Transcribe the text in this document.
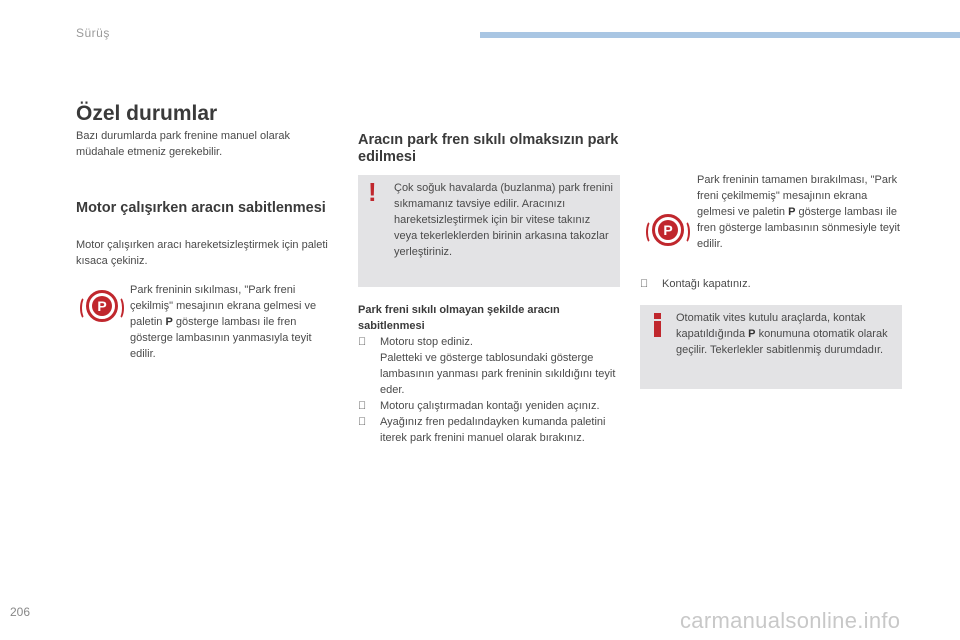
Sürüş
Özel durumlar
Bazı durumlarda park frenine manuel olarak müdahale etmeniz gerekebilir.
Motor çalışırken aracın sabitlenmesi
Motor çalışırken aracı hareketsizleştirmek için paleti kısaca çekiniz.
P
Park freninin sıkılması, "Park freni çekilmiş" mesajının ekrana gelmesi ve paletin P gösterge lambası ile fren gösterge lambasının yanmasıyla teyit edilir.
Aracın park fren sıkılı olmaksızın park edilmesi
! Çok soğuk havalarda (buzlanma) park frenini sıkmamanız tavsiye edilir. Aracınızı hareketsizleştirmek için bir vitese takınız veya tekerleklerden birinin arkasına takozlar yerleştiriniz.
Park freni sıkılı olmayan şekilde aracın sabitlenmesi
Motoru stop ediniz.
Paletteki ve gösterge tablosundaki gösterge lambasının yanması park freninin sıkıldığını teyit eder.
Motoru çalıştırmadan kontağı yeniden açınız.
Ayağınız fren pedalındayken kumanda paletini iterek park frenini manuel olarak bırakınız.
P
Park freninin tamamen bırakılması, "Park freni çekilmemiş" mesajının ekrana gelmesi ve paletin P gösterge lambası ile fren gösterge lambasının sönmesiyle teyit edilir.
Kontağı kapatınız.
Otomatik vites kutulu araçlarda, kontak kapatıldığında P konumuna otomatik olarak geçilir. Tekerlekler sabitlenmiş durumdadır.
206	carmanualsonline.info
